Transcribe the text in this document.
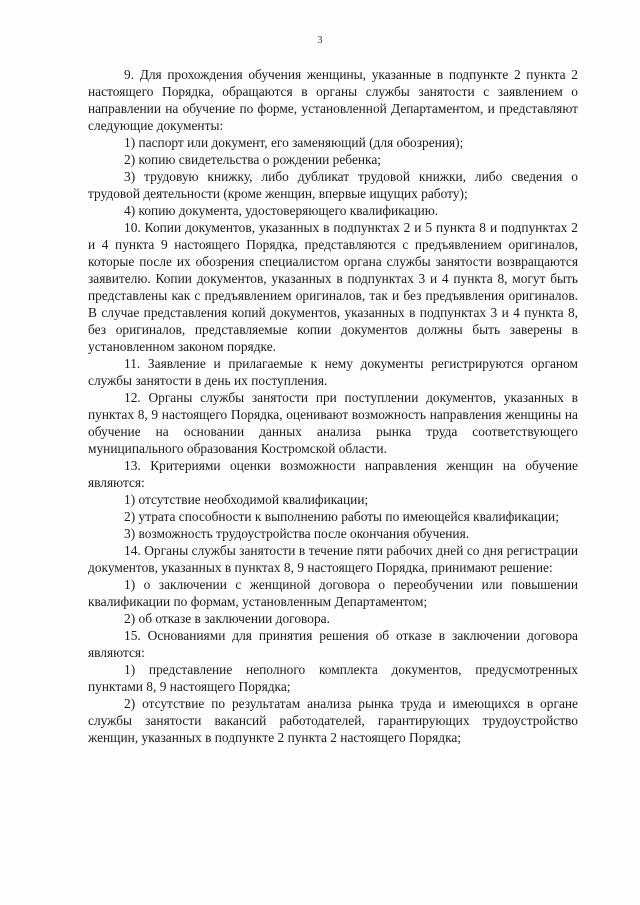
3

9. Для прохождения обучения женщины, указанные в подпункте 2 пункта 2 настоящего Порядка, обращаются в органы службы занятости с заявлением о направлении на обучение по форме, установленной Департаментом, и представляют следующие документы:

1) паспорт или документ, его заменяющий (для обозрения);

2) копию свидетельства о рождении ребенка;

3) трудовую книжку, либо дубликат трудовой книжки, либо сведения о трудовой деятельности (кроме женщин, впервые ищущих работу);

4) копию документа, удостоверяющего квалификацию.

10. Копии документов, указанных в подпунктах 2 и 5 пункта 8 и подпунктах 2 и 4 пункта 9 настоящего Порядка, представляются с предъявлением оригиналов, которые после их обозрения специалистом органа службы занятости возвращаются заявителю. Копии документов, указанных в подпунктах 3 и 4 пункта 8, могут быть представлены как с предъявлением оригиналов, так и без предъявления оригиналов. В случае представления копий документов, указанных в подпунктах 3 и 4 пункта 8, без оригиналов, представляемые копии документов должны быть заверены в установленном законом порядке.

11. Заявление и прилагаемые к нему документы регистрируются органом службы занятости в день их поступления.

12. Органы службы занятости при поступлении документов, указанных в пунктах 8, 9 настоящего Порядка, оценивают возможность направления женщины на обучение на основании данных анализа рынка труда соответствующего муниципального образования Костромской области.

13. Критериями оценки возможности направления женщин на обучение являются:

1) отсутствие необходимой квалификации;

2) утрата способности к выполнению работы по имеющейся квалификации;

3) возможность трудоустройства после окончания обучения.

14. Органы службы занятости в течение пяти рабочих дней со дня регистрации документов, указанных в пунктах 8, 9 настоящего Порядка, принимают решение:

1) о заключении с женщиной договора о переобучении или повышении квалификации по формам, установленным Департаментом;

2) об отказе в заключении договора.

15. Основаниями для принятия решения об отказе в заключении договора являются:

1) представление неполного комплекта документов, предусмотренных пунктами 8, 9 настоящего Порядка;

2) отсутствие по результатам анализа рынка труда и имеющихся в органе службы занятости вакансий работодателей, гарантирующих трудоустройство женщин, указанных в подпункте 2 пункта 2 настоящего Порядка;
